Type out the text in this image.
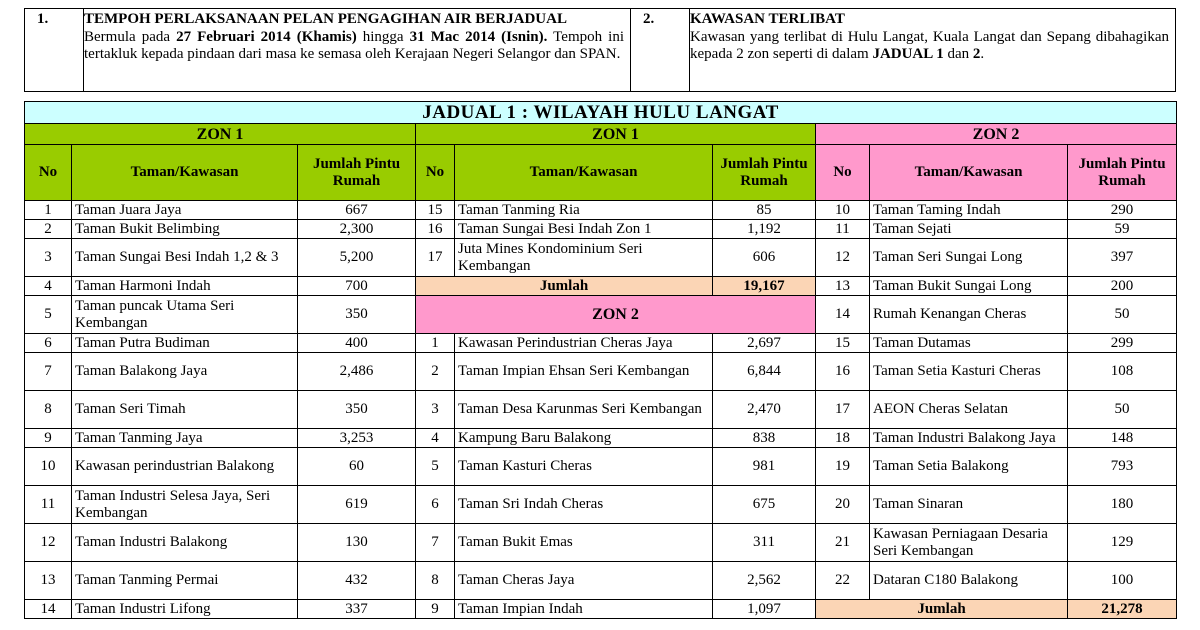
1.	TEMPOH PERLAKSANAAN PELAN PENGAGIHAN AIR BERJADUAL
Bermula pada 27 Februari 2014 (Khamis) hingga 31 Mac 2014 (Isnin). Tempoh ini tertakluk kepada pindaan dari masa ke semasa oleh Kerajaan Negeri Selangor dan SPAN.
	2.	KAWASAN TERLIBAT
Kawasan yang terlibat di Hulu Langat, Kuala Langat dan Sepang dibahagikan kepada 2 zon seperti di dalam JADUAL 1 dan 2.
JADUAL 1 : WILAYAH HULU LANGAT								
ZON 1			ZON 1			ZON 2		
No	Taman/Kawasan	Jumlah Pintu Rumah	No	Taman/Kawasan	Jumlah Pintu Rumah	No	Taman/Kawasan	Jumlah Pintu Rumah
1	Taman Juara Jaya	667	15	Taman Tanming Ria	85	10	Taman Taming Indah	290
2	Taman Bukit Belimbing	2,300	16	Taman Sungai Besi Indah Zon 1	1,192	11	Taman Sejati	59
3	Taman Sungai Besi Indah 1,2 & 3	5,200	17	Juta Mines Kondominium Seri Kembangan	606	12	Taman Seri Sungai Long	397
4	Taman Harmoni Indah	700	Jumlah		19,167	13	Taman Bukit Sungai Long	200
5	Taman puncak Utama Seri Kembangan	350	ZON 2			14	Rumah Kenangan Cheras	50
6	Taman Putra Budiman	400	1	Kawasan Perindustrian Cheras Jaya	2,697	15	Taman Dutamas	299
7	Taman Balakong Jaya	2,486	2	Taman Impian Ehsan Seri Kembangan	6,844	16	Taman Setia Kasturi Cheras	108
8	Taman Seri Timah	350	3	Taman Desa Karunmas Seri Kembangan	2,470	17	AEON Cheras Selatan	50
9	Taman Tanming Jaya	3,253	4	Kampung Baru Balakong	838	18	Taman Industri Balakong Jaya	148
10	Kawasan perindustrian Balakong	60	5	Taman Kasturi Cheras	981	19	Taman Setia Balakong	793
11	Taman Industri Selesa Jaya, Seri Kembangan	619	6	Taman Sri Indah Cheras	675	20	Taman Sinaran	180
12	Taman Industri Balakong	130	7	Taman Bukit Emas	311	21	Kawasan Perniagaan Desaria Seri Kembangan	129
13	Taman Tanming Permai	432	8	Taman Cheras Jaya	2,562	22	Dataran C180 Balakong	100
14	Taman Industri Lifong	337	9	Taman Impian Indah	1,097	Jumlah		21,278
